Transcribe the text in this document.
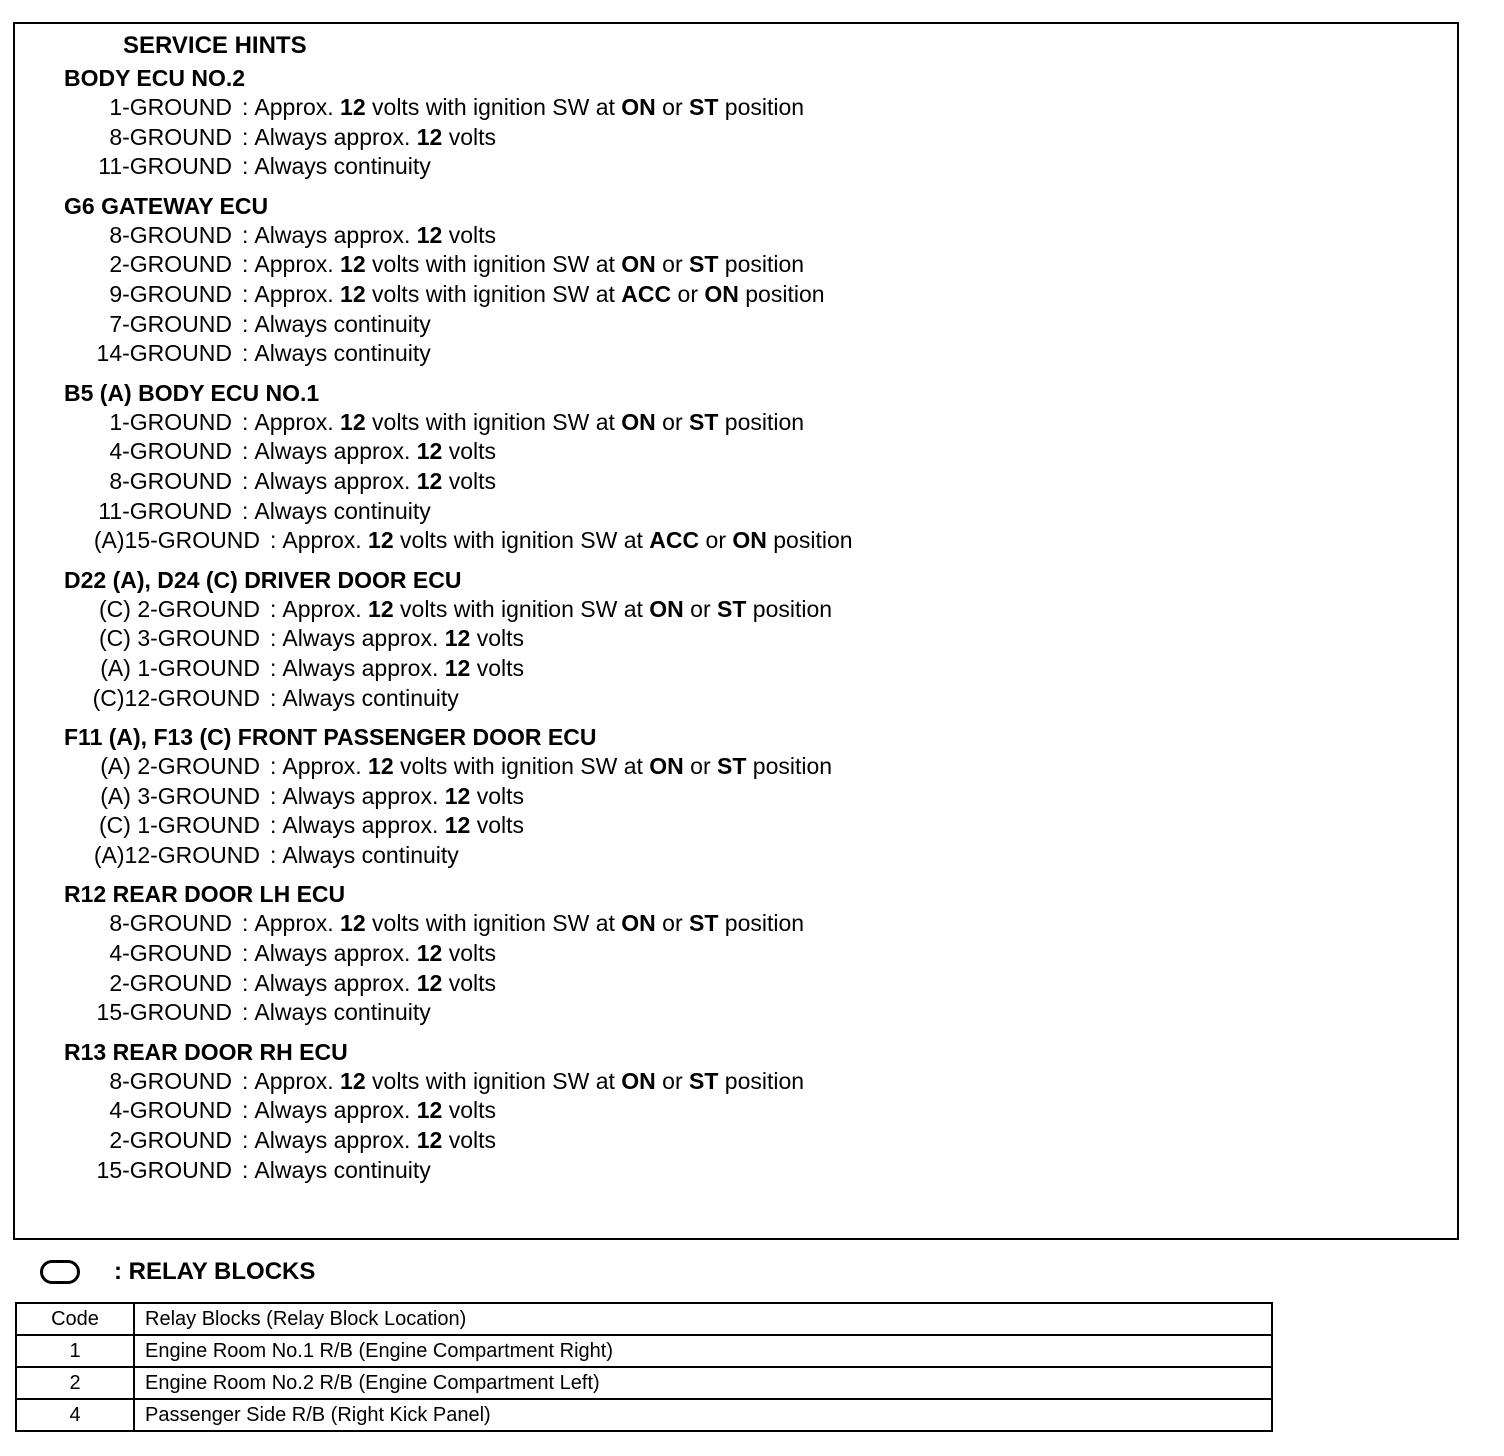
SERVICE HINTS
BODY ECU NO.2
1-GROUND : Approx. 12 volts with ignition SW at ON or ST position
8-GROUND : Always approx. 12 volts
11-GROUND : Always continuity
G6 GATEWAY ECU
8-GROUND : Always approx. 12 volts
2-GROUND : Approx. 12 volts with ignition SW at ON or ST position
9-GROUND : Approx. 12 volts with ignition SW at ACC or ON position
7-GROUND : Always continuity
14-GROUND : Always continuity
B5 (A) BODY ECU NO.1
1-GROUND : Approx. 12 volts with ignition SW at ON or ST position
4-GROUND : Always approx. 12 volts
8-GROUND : Always approx. 12 volts
11-GROUND : Always continuity
(A)15-GROUND : Approx. 12 volts with ignition SW at ACC or ON position
D22 (A), D24 (C) DRIVER DOOR ECU
(C) 2-GROUND : Approx. 12 volts with ignition SW at ON or ST position
(C) 3-GROUND : Always approx. 12 volts
(A) 1-GROUND : Always approx. 12 volts
(C)12-GROUND : Always continuity
F11 (A), F13 (C) FRONT PASSENGER DOOR ECU
(A) 2-GROUND : Approx. 12 volts with ignition SW at ON or ST position
(A) 3-GROUND : Always approx. 12 volts
(C) 1-GROUND : Always approx. 12 volts
(A)12-GROUND : Always continuity
R12 REAR DOOR LH ECU
8-GROUND : Approx. 12 volts with ignition SW at ON or ST position
4-GROUND : Always approx. 12 volts
2-GROUND : Always approx. 12 volts
15-GROUND : Always continuity
R13 REAR DOOR RH ECU
8-GROUND : Approx. 12 volts with ignition SW at ON or ST position
4-GROUND : Always approx. 12 volts
2-GROUND : Always approx. 12 volts
15-GROUND : Always continuity
: RELAY BLOCKS
Code	Relay Blocks (Relay Block Location)
1	Engine Room No.1 R/B (Engine Compartment Right)
2	Engine Room No.2 R/B (Engine Compartment Left)
4	Passenger Side R/B (Right Kick Panel)
